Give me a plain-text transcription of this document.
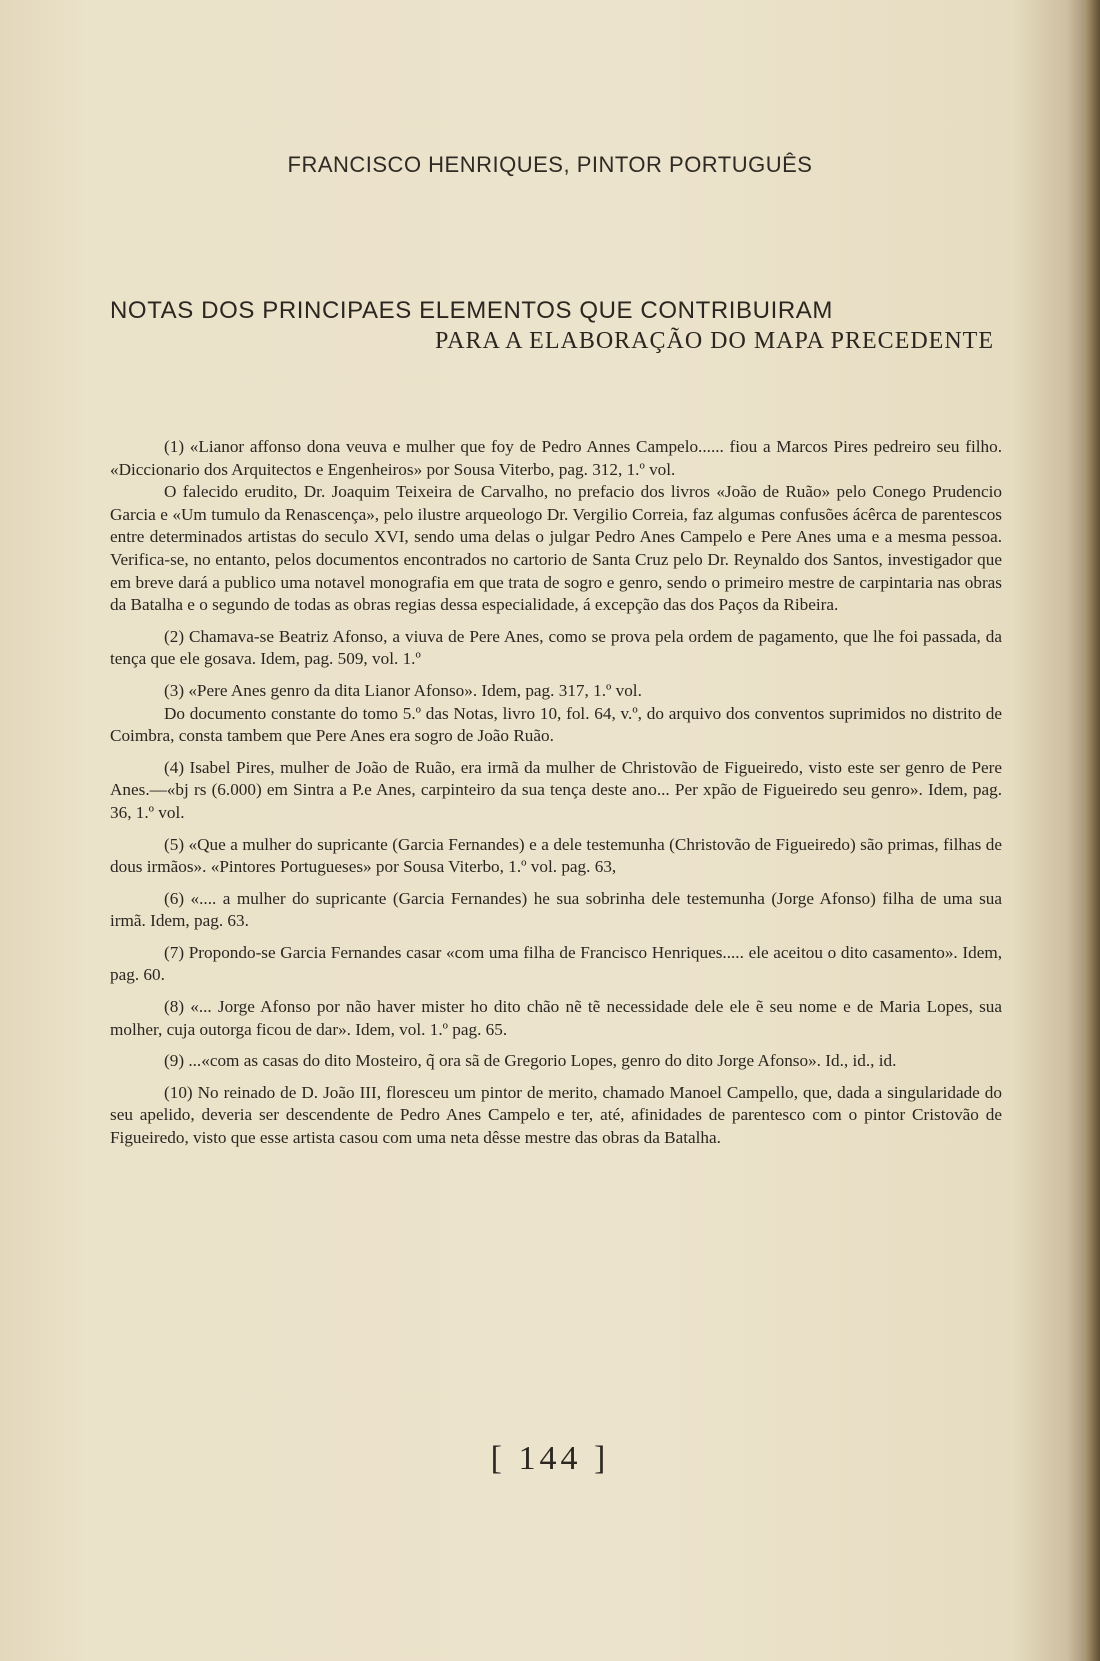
FRANCISCO HENRIQUES, PINTOR PORTUGUÊS
NOTAS DOS PRINCIPAES ELEMENTOS QUE CONTRIBUIRAM
PARA A ELABORAÇÃO DO MAPA PRECEDENTE

(1) «Lianor affonso dona veuva e mulher que foy de Pedro Annes Campelo...... fiou a Marcos Pires pedreiro seu filho. «Diccionario dos Arquitectos e Engenheiros» por Sousa Viterbo, pag. 312, 1.º vol.

O falecido erudito, Dr. Joaquim Teixeira de Carvalho, no prefacio dos livros «João de Ruão» pelo Conego Prudencio Garcia e «Um tumulo da Renascença», pelo ilustre arqueologo Dr. Vergilio Correia, faz algumas confusões ácêrca de parentescos entre determinados artistas do seculo XVI, sendo uma delas o julgar Pedro Anes Campelo e Pere Anes uma e a mesma pessoa. Verifica-se, no entanto, pelos documentos encontrados no cartorio de Santa Cruz pelo Dr. Reynaldo dos Santos, investigador que em breve dará a publico uma notavel monografia em que trata de sogro e genro, sendo o primeiro mestre de carpintaria nas obras da Batalha e o segundo de todas as obras regias dessa especialidade, á excepção das dos Paços da Ribeira.

(2) Chamava-se Beatriz Afonso, a viuva de Pere Anes, como se prova pela ordem de pagamento, que lhe foi passada, da tença que ele gosava. Idem, pag. 509, vol. 1.º

(3) «Pere Anes genro da dita Lianor Afonso». Idem, pag. 317, 1.º vol.

Do documento constante do tomo 5.º das Notas, livro 10, fol. 64, v.º, do arquivo dos conventos suprimidos no distrito de Coimbra, consta tambem que Pere Anes era sogro de João Ruão.

(4) Isabel Pires, mulher de João de Ruão, era irmã da mulher de Christovão de Figueiredo, visto este ser genro de Pere Anes.—«bj rs (6.000) em Sintra a P.e Anes, carpinteiro da sua tença deste ano... Per xpão de Figueiredo seu genro». Idem, pag. 36, 1.º vol.

(5) «Que a mulher do supricante (Garcia Fernandes) e a dele testemunha (Christovão de Figueiredo) são primas, filhas de dous irmãos». «Pintores Portugueses» por Sousa Viterbo, 1.º vol. pag. 63,

(6) «.... a mulher do supricante (Garcia Fernandes) he sua sobrinha dele testemunha (Jorge Afonso) filha de uma sua irmã. Idem, pag. 63.

(7) Propondo-se Garcia Fernandes casar «com uma filha de Francisco Henriques..... ele aceitou o dito casamento». Idem, pag. 60.

(8) «... Jorge Afonso por não haver mister ho dito chão nẽ tẽ necessidade dele ele ẽ seu nome e de Maria Lopes, sua molher, cuja outorga ficou de dar». Idem, vol. 1.º pag. 65.

(9) ...«com as casas do dito Mosteiro, q̃ ora sã de Gregorio Lopes, genro do dito Jorge Afonso». Id., id., id.

(10) No reinado de D. João III, floresceu um pintor de merito, chamado Manoel Campello, que, dada a singularidade do seu apelido, deveria ser descendente de Pedro Anes Campelo e ter, até, afinidades de parentesco com o pintor Cristovão de Figueiredo, visto que esse artista casou com uma neta dêsse mestre das obras da Batalha.

[ 144 ]
